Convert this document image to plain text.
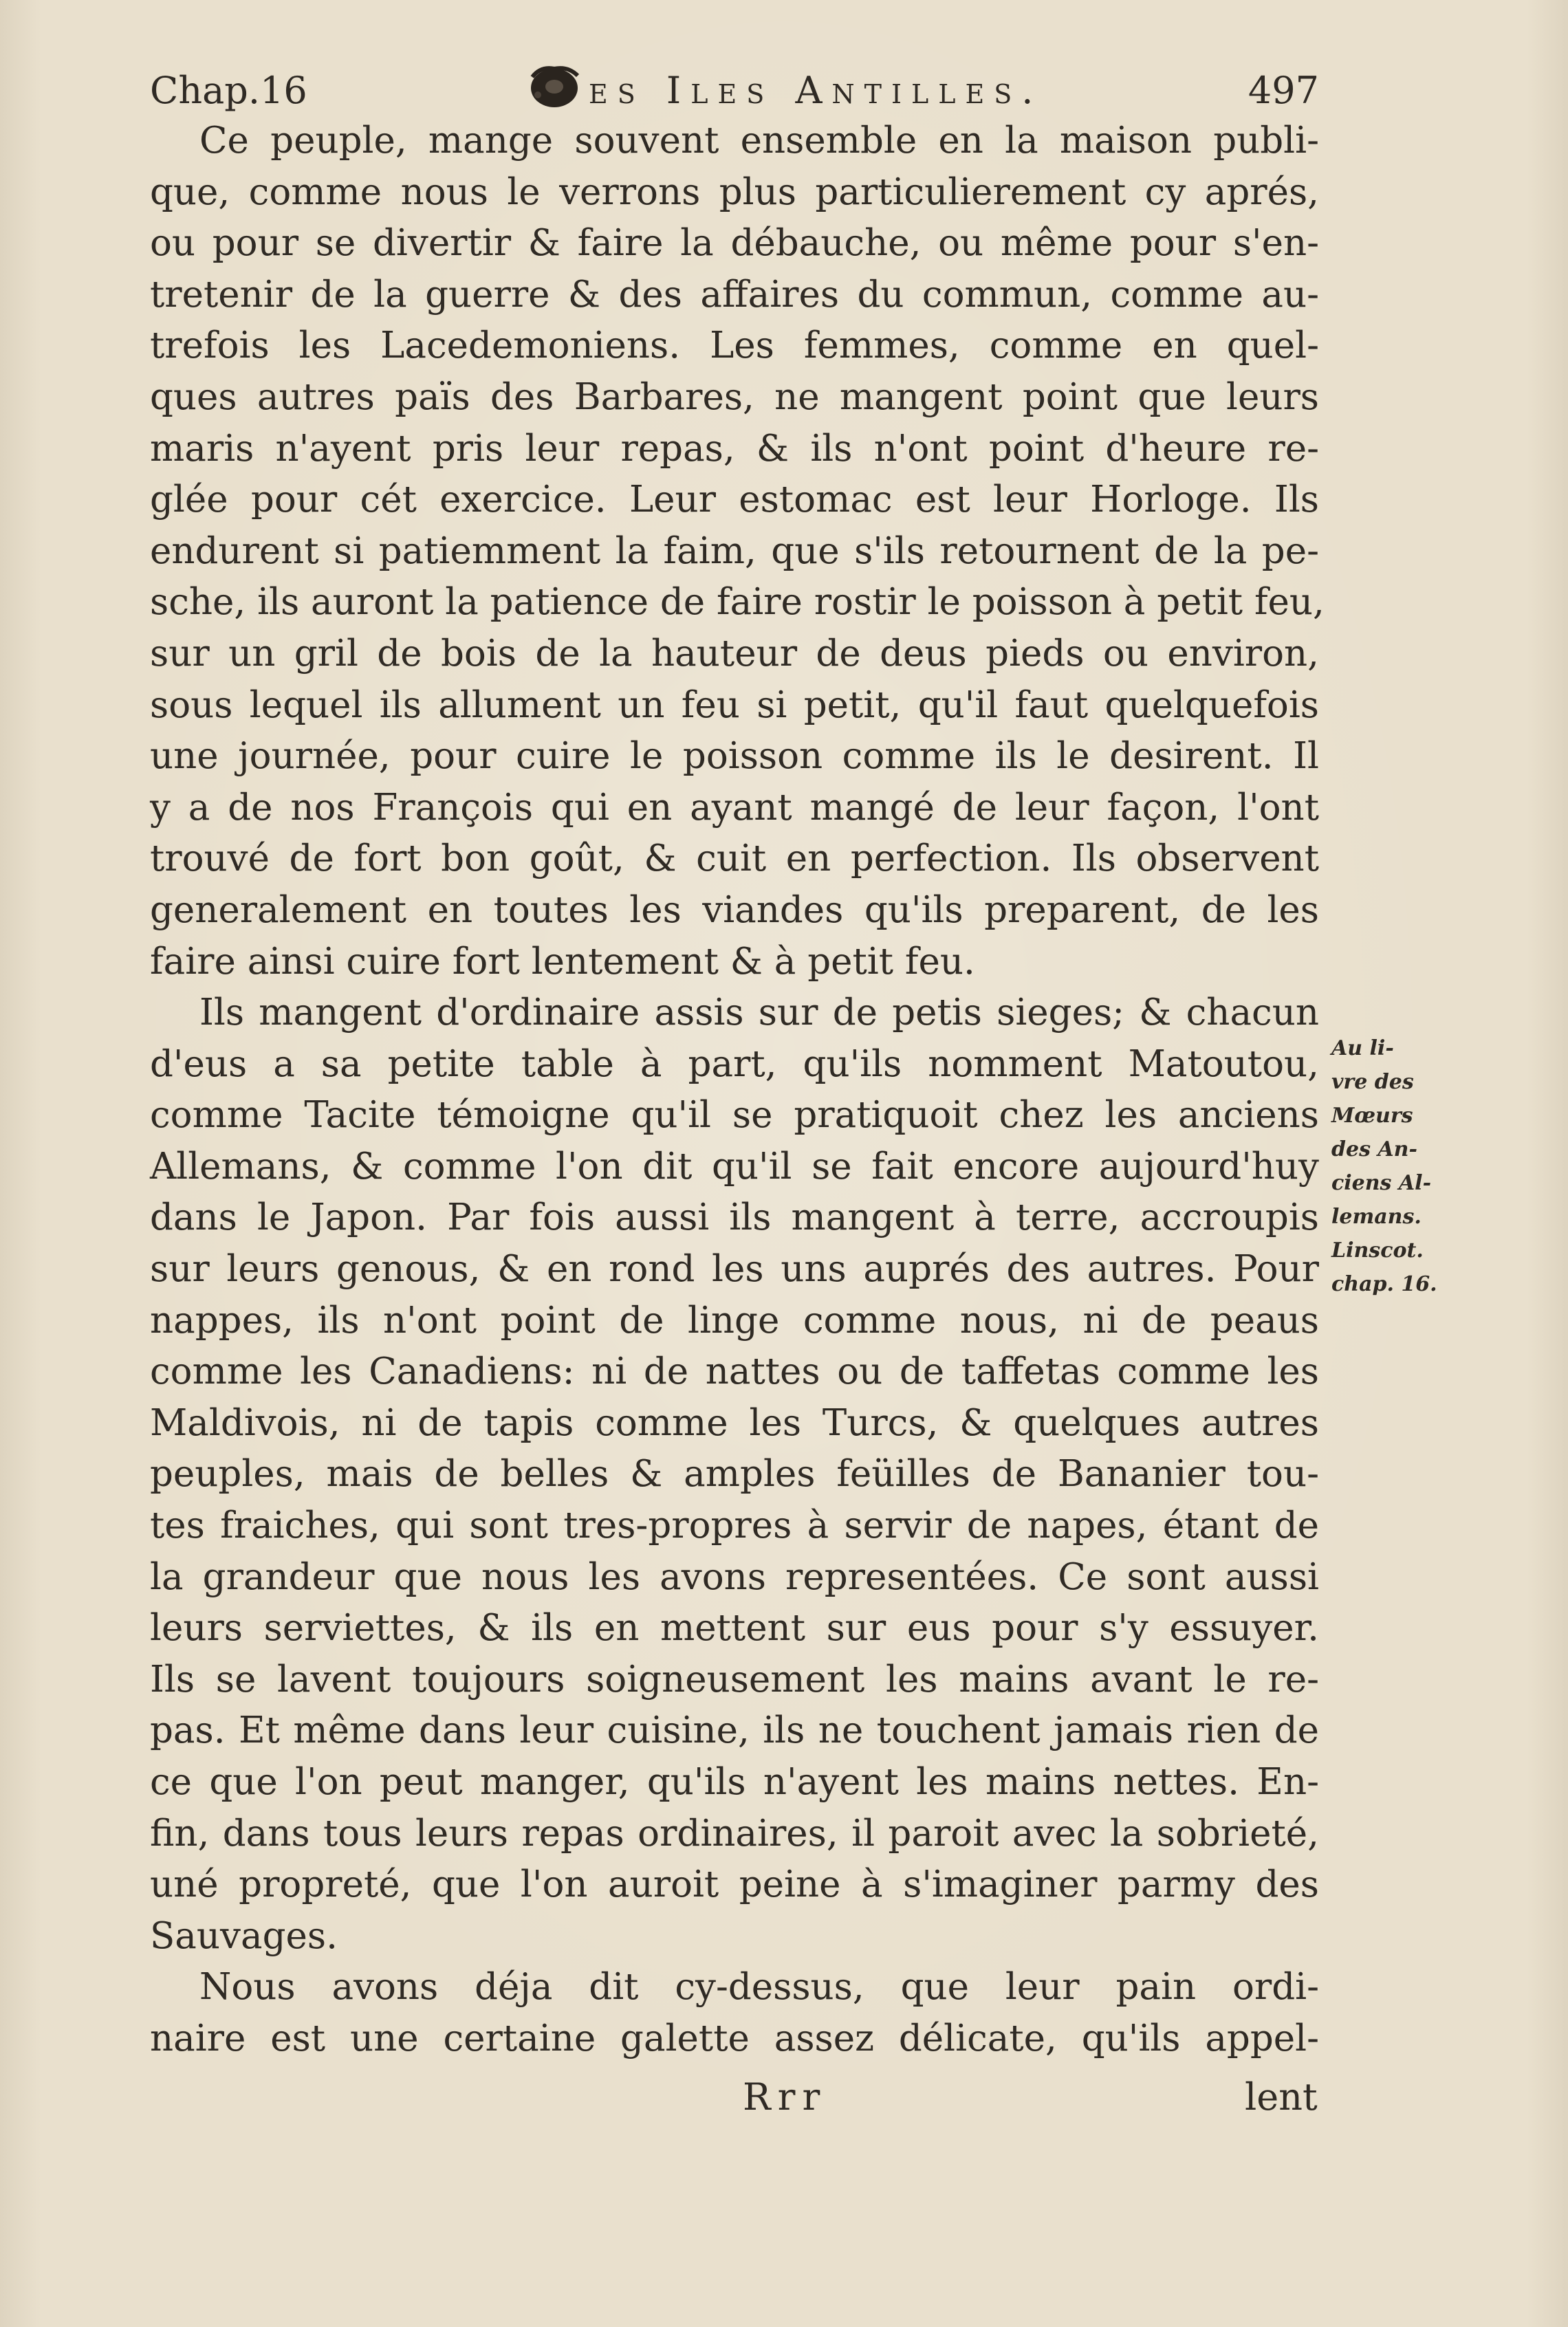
Chap.16	es Iles Antilles.	497
Ce peuple, mange souvent ensemble en la maison publi-
que, comme nous le verrons plus particulierement cy aprés,
ou pour se divertir & faire la débauche, ou même pour s'en-
tretenir de la guerre & des affaires du commun, comme au-
trefois les Lacedemoniens. Les femmes, comme en quel-
ques autres païs des Barbares, ne mangent point que leurs
maris n'ayent pris leur repas, & ils n'ont point d'heure re-
glée pour cét exercice. Leur estomac est leur Horloge. Ils
endurent si patiemment la faim, que s'ils retournent de la pe-
sche, ils auront la patience de faire rostir le poisson à petit feu,
sur un gril de bois de la hauteur de deus pieds ou environ,
sous lequel ils allument un feu si petit, qu'il faut quelquefois
une journée, pour cuire le poisson comme ils le desirent. Il
y a de nos François qui en ayant mangé de leur façon, l'ont
trouvé de fort bon goût, & cuit en perfection. Ils observent
generalement en toutes les viandes qu'ils preparent, de les
faire ainsi cuire fort lentement & à petit feu.
Ils mangent d'ordinaire assis sur de petis sieges; & chacun
d'eus a sa petite table à part, qu'ils nomment Matoutou,
comme Tacite témoigne qu'il se pratiquoit chez les anciens
Allemans, & comme l'on dit qu'il se fait encore aujourd'huy
dans le Japon. Par fois aussi ils mangent à terre, accroupis
sur leurs genous, & en rond les uns auprés des autres. Pour
nappes, ils n'ont point de linge comme nous, ni de peaus
comme les Canadiens: ni de nattes ou de taffetas comme les
Maldivois, ni de tapis comme les Turcs, & quelques autres
peuples, mais de belles & amples feüilles de Bananier tou-
tes fraiches, qui sont tres-propres à servir de napes, étant de
la grandeur que nous les avons representées. Ce sont aussi
leurs serviettes, & ils en mettent sur eus pour s'y essuyer.
Ils se lavent toujours soigneusement les mains avant le re-
pas. Et même dans leur cuisine, ils ne touchent jamais rien de
ce que l'on peut manger, qu'ils n'ayent les mains nettes. En-
fin, dans tous leurs repas ordinaires, il paroit avec la sobrieté,
uné propreté, que l'on auroit peine à s'imaginer parmy des
Sauvages.
Nous avons déja dit cy-dessus, que leur pain ordi-
naire est une certaine galette assez délicate, qu'ils appel-
Au li-
vre des
Mœurs
des An-
ciens Al-
lemans.
Linscot.
chap. 16.
Rrr	lent
